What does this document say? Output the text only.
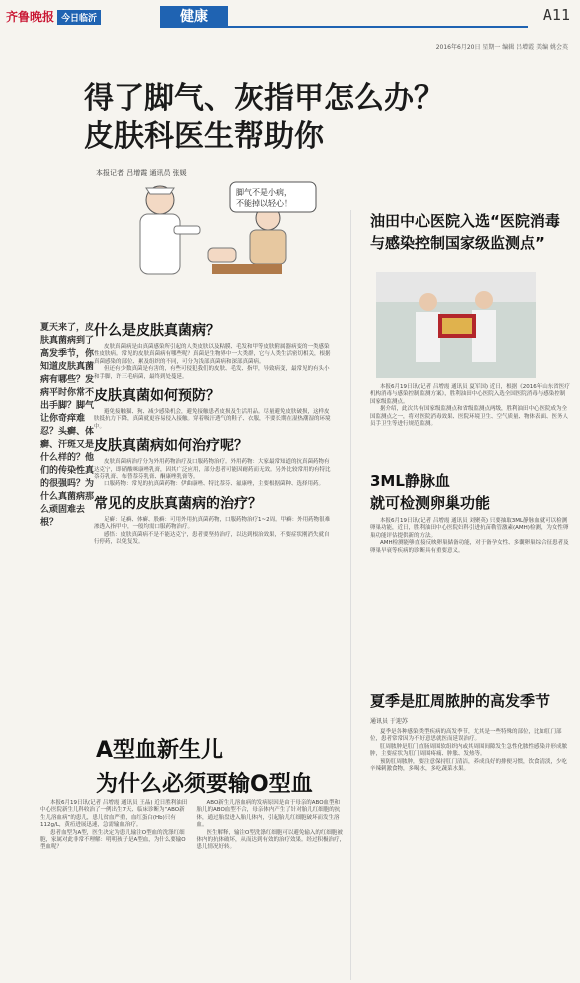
齐鲁晚报 今日临沂	健康	A11
2016年6月20日 星期一 编辑 吕增霞 美编 姚会英
得了脚气、灰指甲怎么办？
皮肤科医生帮助你
本报记者 吕增霞 通讯员 张媛
脚气不是小病，
不能掉以轻心！
夏天来了，皮肤真菌病到了高发季节，你知道皮肤真菌病有哪些？发病平时你常不出手脚？脚气让你奇痒难忍？头癣、体癣、汗斑又是什么样的？他们的传染性真的很强吗？为什么真菌病那么顽固难去根？
什么是皮肤真菌病？

皮肤真菌病是由真菌感染所引起的人类皮肤以及粘膜、毛发和甲等皮肤附属器病变的一类感染性皮肤病。常见的皮肤真菌病有哪些呢？真菌是生物界中一大类群，它与人类生活密切相关，根据真菌感染的部位、累及组织的不同，可分为浅部真菌病和深部真菌病。

但还有少数真菌是有害的，有些可侵犯我们的皮肤、毛发、指甲，导致病变，最常见的有头小和手脚，许三毛病菌，最终到处蔓延。

皮肤真菌如何预防？

避免接触猫、狗、减少感染机会，避免接触患者皮损及生活用品。尽量避免皮肤破损，这样皮肤抵抗力下降，真菌就更容易侵入接触。穿着吸汗透气的鞋子、衣服，不要长期在湿热潮湿的环境中。

皮肤真菌病如何治疗呢？

皮肤真菌病治疗分为外用药物治疗及口服药物治疗。外用药物：大家最常知道的抗真菌药物有达克宁，即硝酸咪康唑乳膏，因其广泛应用，部分患者可能因耐药而无效。另外比较常用的有特比萘芬乳膏、布替萘芬乳膏、酮康唑乳膏等。

口服药物：常见的抗真菌药物：伊曲康唑、特比萘芬、氟康唑，主要根据菌种、选择用药。

常见的皮肤真菌病的治疗？

足癣：足癣、体癣、股癣：可用外用抗真菌药物，口服药物治疗1~2周。甲癣：外用药物很难渗透入指甲中，一般均需口服药物治疗。

感悟：皮肤真菌病不是不能达克宁，患者要坚持治疗，以达到根治效果，不要症状刚消失就自行停药，以免复发。

油田中心医院入选“医院消毒
与感染控制国家级监测点”

本报6月19日讯(记者 吕增霞 通讯员 夏军国) 近日，根据《2016年山东省医疗机构消毒与感染控制监测方案》，胜利油田中心医院入选全国医院消毒与感染控制国家级监测点。

据介绍，此次共有国家级监测点和省级监测点两级，胜利油田中心医院成为全国监测点之一，将对医院消毒效果、医院环境卫生、空气质量、物体表面、医务人员手卫生等进行规范监测。

3ML静脉血
就可检测卵巢功能

本报6月19日讯(记者 吕增霞 通讯员 刘聚英) 只要抽取3ML静脉血就可以检测卵巢功能，近日，胜利油田中心医院妇科引进抗苗勒管激素(AMH)检测，为女性卵巢功能评估提供新的方法。

AMH检测能够直接反映卵巢储备功能，对于备孕女性、多囊卵巢综合征患者及卵巢早衰等疾病的诊断具有重要意义。

夏季是肛周脓肿的高发季节
通讯员 于迎苏

夏季是各种感染类型疾病的高发季节，尤其是一些特殊的部位，比如肛门部位，患者常常因为不好意思就医而延误治疗。

肛周脓肿是肛门直肠周围软组织内或其周围间隙发生急性化脓性感染并形成脓肿，主要症状为肛门周围疼痛、肿胀、发热等。

预防肛周脓肿，要注意保持肛门清洁，养成良好的排便习惯，饮食清淡，少吃辛辣刺激食物，多喝水，多吃蔬菜水果。

A型血新生儿
为什么必须要输O型血

本报6月19日讯(记者 吕增霞 通讯员 王晶) 近日胜利油田中心医院新生儿科收治了一例出生7天、临床诊断为“ABO新生儿溶血病”的患儿，患儿贫血严重，血红蛋白(Hb)只有112g/L，黄疸进展迅速，急需输血治疗。

患者血型为A型，医生决定为患儿输注O型血的洗涤红细胞，家属对此非常不理解：明明孩子是A型血，为什么要输O型血呢？

ABO新生儿溶血病的发病原因是由于母亲的ABO血型和胎儿的ABO血型不合，母亲体内产生了针对胎儿红细胞的抗体，通过胎盘进入胎儿体内，引起胎儿红细胞破坏而发生溶血。

医生解释，输注O型洗涤红细胞可以避免输入的红细胞被体内的抗体破坏，从而达到有效的治疗效果。经过积极治疗，患儿情况好转。
